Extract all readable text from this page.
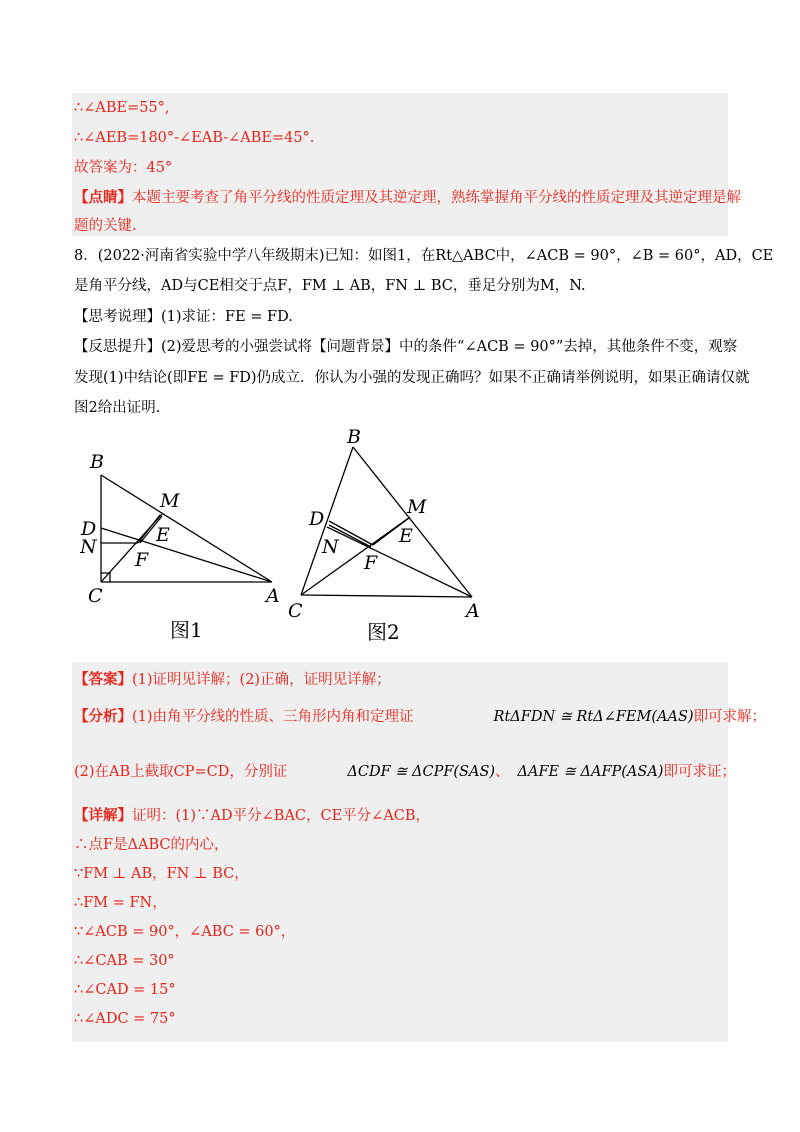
∴∠ABE=55°,
∴∠AEB=180°-∠EAB-∠ABE=45°.
故答案为：45°
【点睛】本题主要考查了角平分线的性质定理及其逆定理，熟练掌握角平分线的性质定理及其逆定理是解
题的关键.
8．(2022·河南省实验中学八年级期末)已知：如图1，在Rt△ABC中，∠ACB = 90°，∠B = 60°，AD，CE
是角平分线，AD与CE相交于点F，FM ⊥ AB，FN ⊥ BC，垂足分别为M，N.
【思考说理】(1)求证：FE = FD.
【反思提升】(2)爱思考的小强尝试将【问题背景】中的条件“∠ACB = 90°”去掉，其他条件不变，观察
发现(1)中结论(即FE = FD)仍成立．你认为小强的发现正确吗？如果不正确请举例说明，如果正确请仅就
图2给出证明.
B
M
D	E
N
F
C	A
图1
B
M
D
E
N
F
C	A
图2
【答案】(1)证明见详解；(2)正确，证明见详解；
【分析】(1)由角平分线的性质、三角形内角和定理证	RtΔFDN ≅ RtΔ∠FEM(AAS)即可求解；
(2)在AB上截取CP=CD，分别证	ΔCDF ≅ ΔCPF(SAS)、 ΔAFE ≅ ΔAFP(ASA)即可求证；
【详解】证明：(1)∵AD平分∠BAC，CE平分∠ACB，
∴点F是ΔABC的内心，
∵FM ⊥ AB，FN ⊥ BC，
∴FM = FN，
∵∠ACB = 90°，∠ABC = 60°，
∴∠CAB = 30°
∴∠CAD = 15°
∴∠ADC = 75°
